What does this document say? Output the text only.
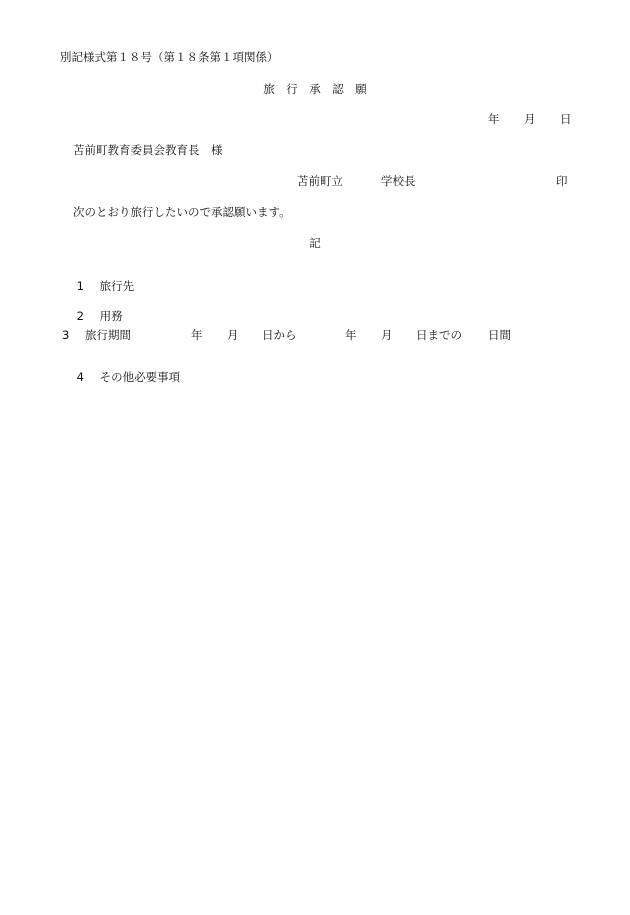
別記様式第１８号（第１８条第１項関係）
旅　行　承　認　願

年

月

日

苫前町教育委員会教育長　様

苫前町立

	学校長

	印
次のとおり旅行したいので承認願います。
記

1 旅行先

2 用務

3

旅行期間

	年

月

日から

	年

月

日までの

日間

4 その他必要事項
